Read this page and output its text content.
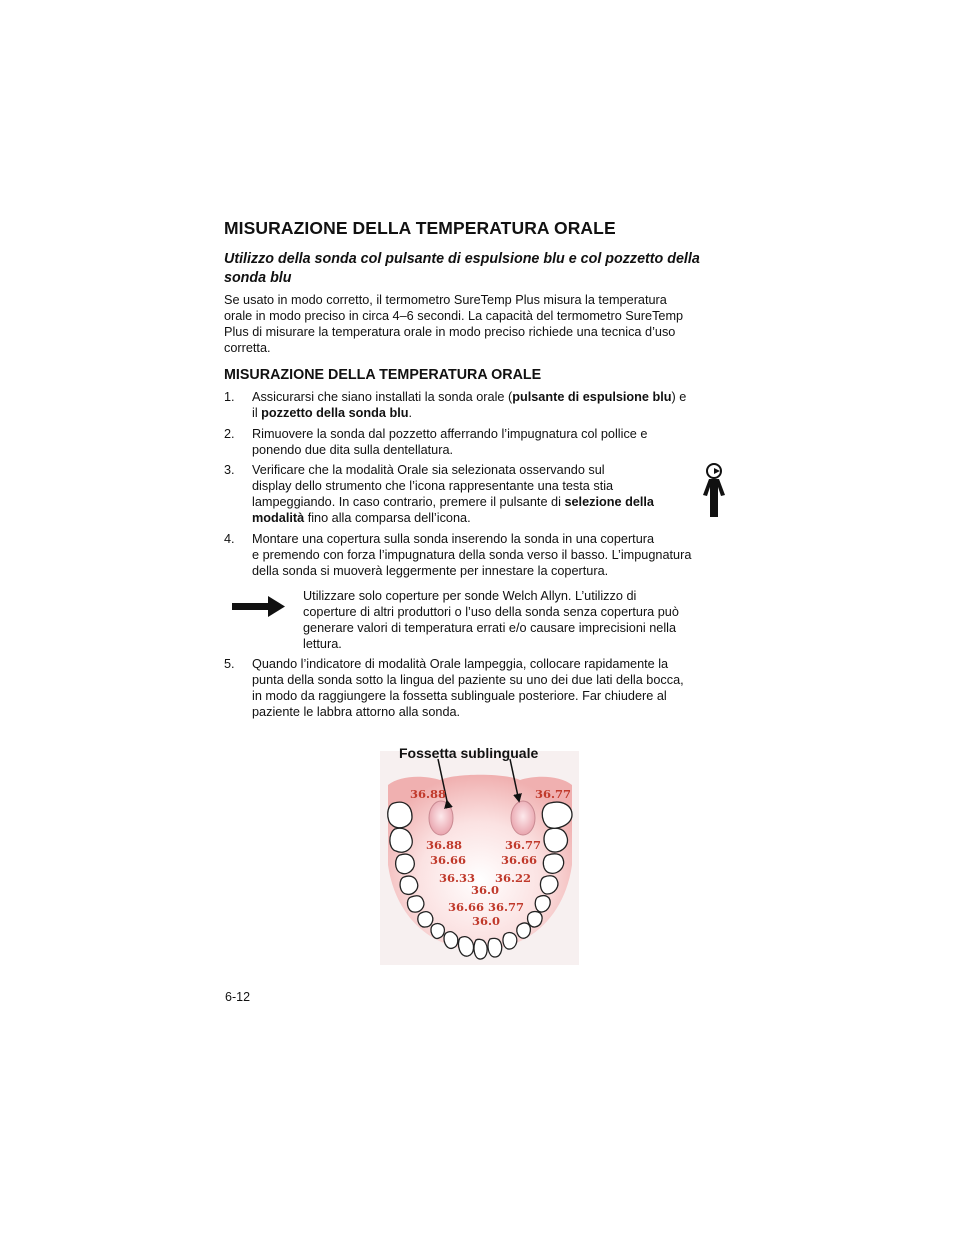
MISURAZIONE DELLA TEMPERATURA ORALE
Utilizzo della sonda col pulsante di espulsione blu e col pozzetto della sonda blu
Se usato in modo corretto, il termometro SureTemp Plus misura la temperatura
orale in modo preciso in circa 4–6 secondi. La capacità del termometro SureTemp
Plus di misurare la temperatura orale in modo preciso richiede una tecnica d’uso
corretta.
MISURAZIONE DELLA TEMPERATURA ORALE
1. Assicurarsi che siano installati la sonda orale (pulsante di espulsione blu) e
il pozzetto della sonda blu.
2. Rimuovere la sonda dal pozzetto afferrando l’impugnatura col pollice e
ponendo due dita sulla dentellatura.
3. Verificare che la modalità Orale sia selezionata osservando sul
display dello strumento che l’icona rappresentante una testa stia
lampeggiando. In caso contrario, premere il pulsante di selezione della
modalità fino alla comparsa dell’icona.
4. Montare una copertura sulla sonda inserendo la sonda in una copertura
e premendo con forza l’impugnatura della sonda verso il basso. L’impugnatura
della sonda si muoverà leggermente per innestare la copertura.
Utilizzare solo coperture per sonde Welch Allyn. L’utilizzo di
coperture di altri produttori o l’uso della sonda senza copertura può
generare valori di temperatura errati e/o causare imprecisioni nella
lettura.
5. Quando l’indicatore di modalità Orale lampeggia, collocare rapidamente la
punta della sonda sotto la lingua del paziente su uno dei due lati della bocca,
in modo da raggiungere la fossetta sublinguale posteriore. Far chiudere al
paziente le labbra attorno alla sonda.
36.88	36.77
36.88	36.77
36.66	36.66
36.33 36.22
36.0
36.66 36.77
36.0
Fossetta sublinguale
6-12
